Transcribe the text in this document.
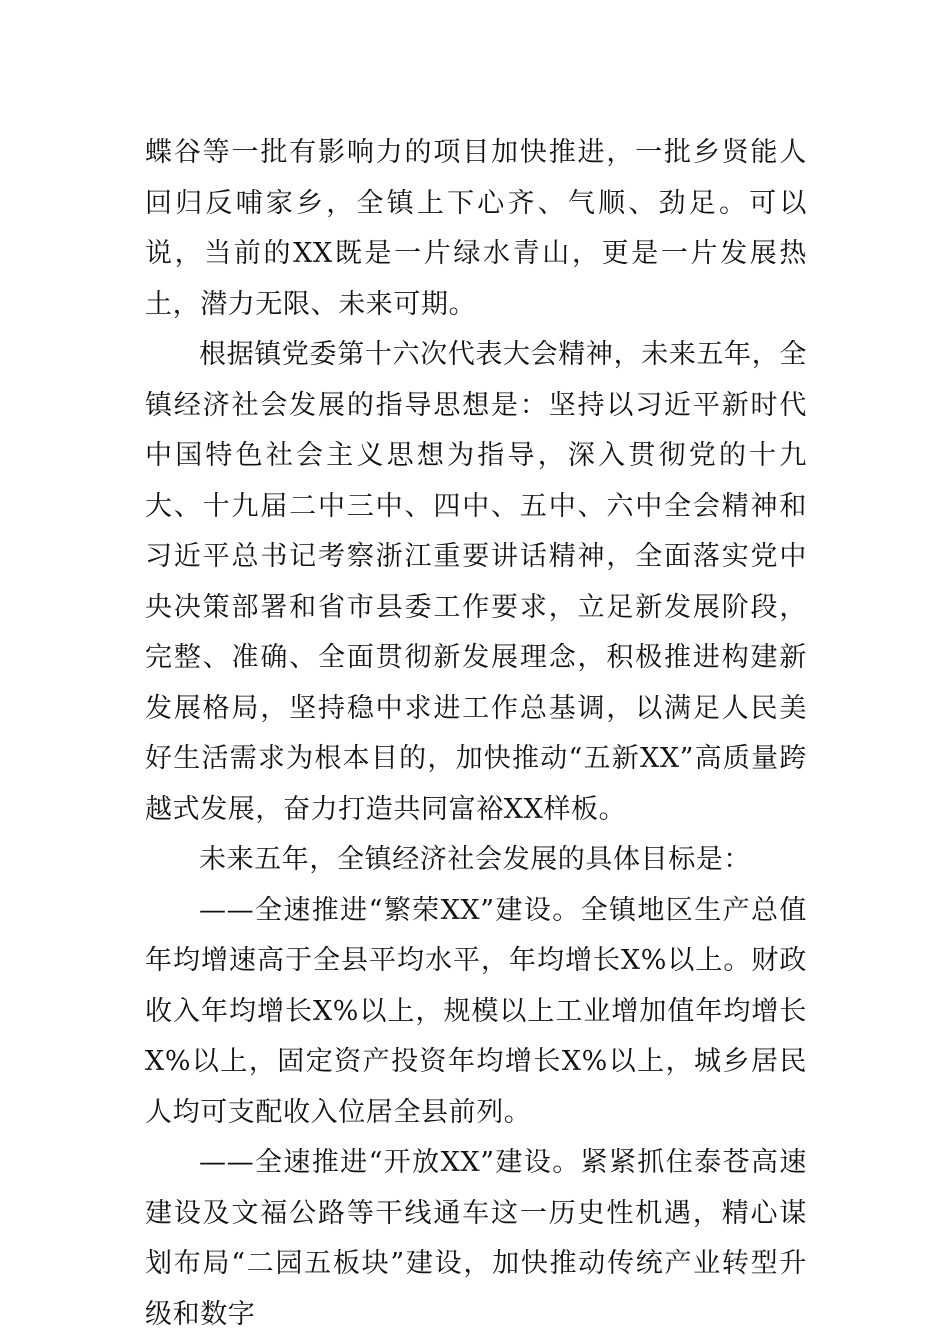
蝶谷等一批有影响力的项目加快推进，一批乡贤能人回归反哺家乡，全镇上下心齐、气顺、劲足。可以说，当前的XX既是一片绿水青山，更是一片发展热土，潜力无限、未来可期。

根据镇党委第十六次代表大会精神，未来五年，全镇经济社会发展的指导思想是：坚持以习近平新时代中国特色社会主义思想为指导，深入贯彻党的十九大、十九届二中三中、四中、五中、六中全会精神和习近平总书记考察浙江重要讲话精神，全面落实党中央决策部署和省市县委工作要求，立足新发展阶段，完整、准确、全面贯彻新发展理念，积极推进构建新发展格局，坚持稳中求进工作总基调，以满足人民美好生活需求为根本目的，加快推动“五新XX”高质量跨越式发展，奋力打造共同富裕XX样板。

未来五年，全镇经济社会发展的具体目标是：

——全速推进“繁荣XX”建设。全镇地区生产总值年均增速高于全县平均水平，年均增长X%以上。财政收入年均增长X%以上，规模以上工业增加值年均增长X%以上，固定资产投资年均增长X%以上，城乡居民人均可支配收入位居全县前列。

——全速推进“开放XX”建设。紧紧抓住泰苍高速建设及文福公路等干线通车这一历史性机遇，精心谋划布局“二园五板块”建设，加快推动传统产业转型升级和数字
